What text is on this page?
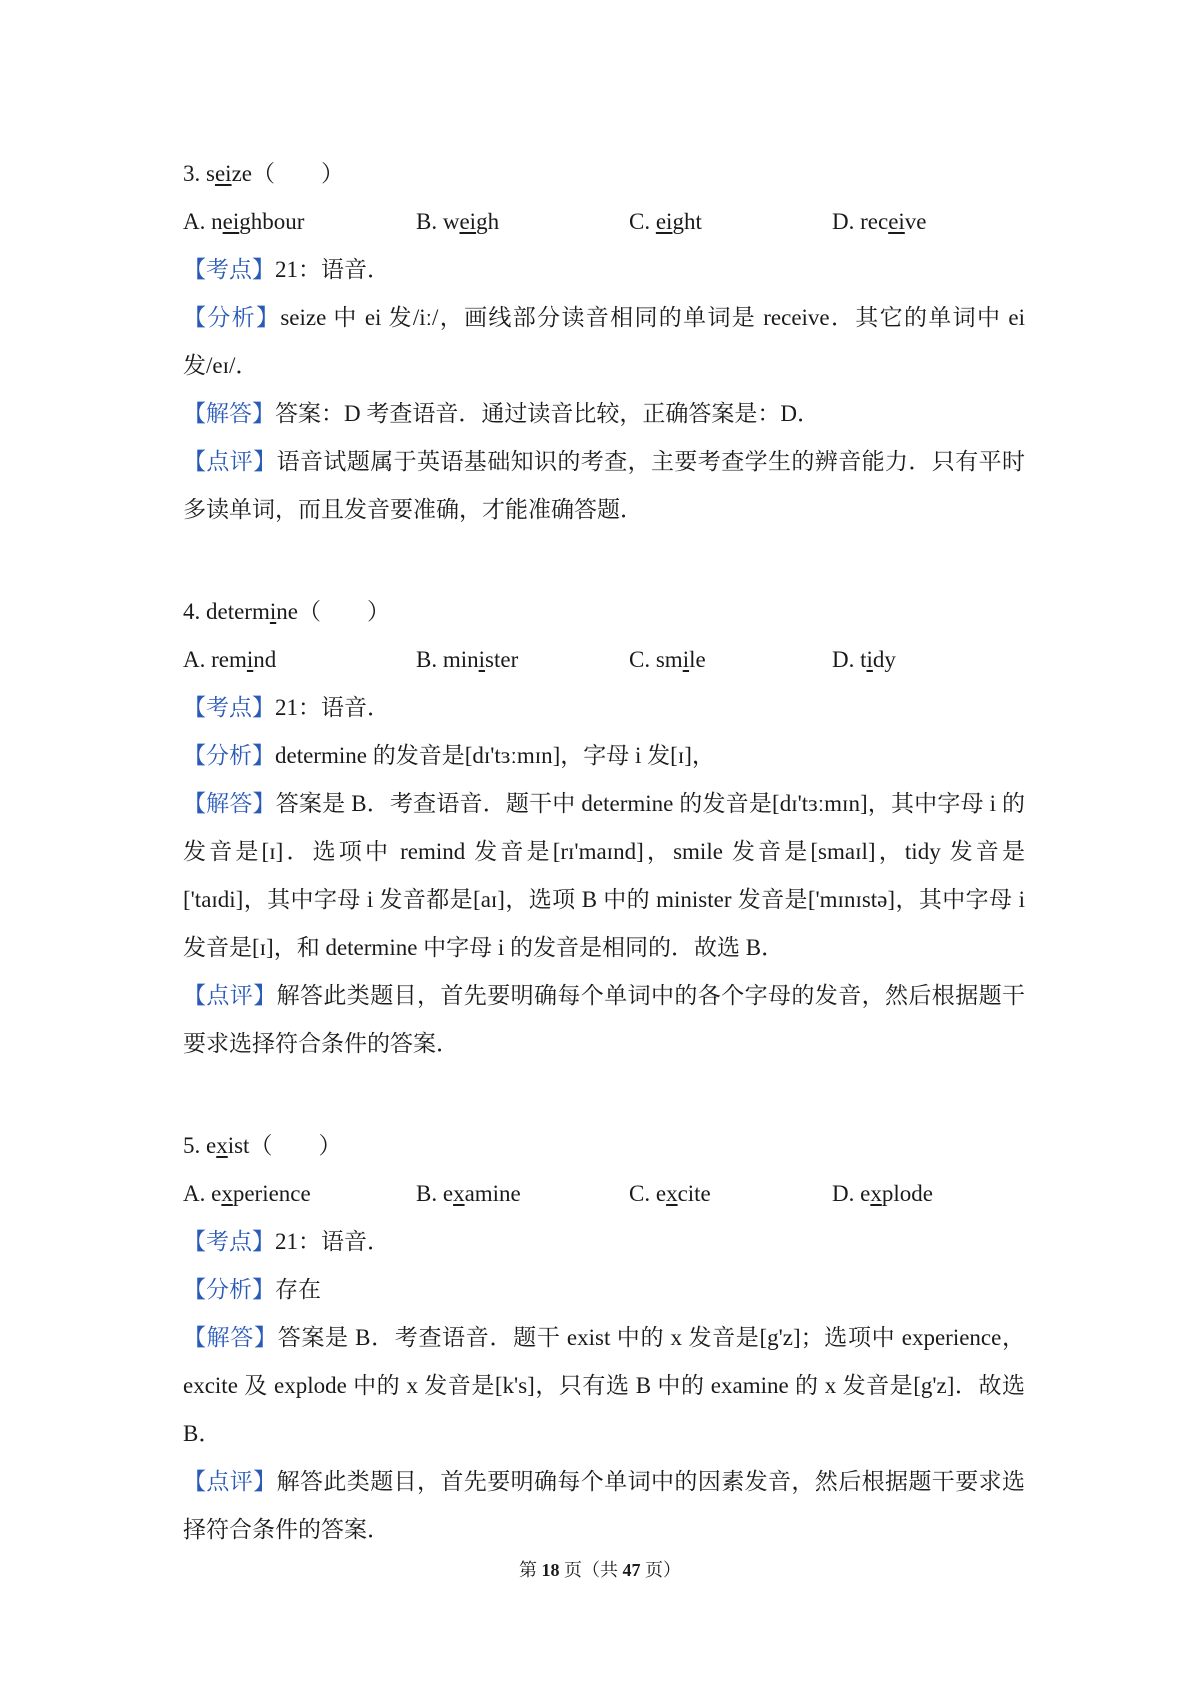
3. seize（　　）
A. neighbour	B. weigh	C. eight	D. receive

【考点】21：语音．

【分析】seize 中 ei 发/iː/，画线部分读音相同的单词是 receive．其它的单词中 ei 发/eɪ/．

【解答】答案：D 考查语音．通过读音比较，正确答案是：D．

【点评】语音试题属于英语基础知识的考查，主要考查学生的辨音能力．只有平时多读单词，而且发音要准确，才能准确答题．

4. determine（　　）
A. remind	B. minister	C. smile	D. tidy

【考点】21：语音．

【分析】determine 的发音是[dɪ'tɜːmɪn]，字母 i 发[ɪ]，

【解答】答案是 B．考查语音．题干中 determine 的发音是[dɪ'tɜːmɪn]，其中字母 i 的发音是[ɪ]．选项中 remind 发音是[rɪ'maɪnd]，smile 发音是[smaɪl]，tidy 发音是['taɪdi]，其中字母 i 发音都是[aɪ]，选项 B 中的 minister 发音是['mɪnɪstə]，其中字母 i 发音是[ɪ]，和 determine 中字母 i 的发音是相同的．故选 B．

【点评】解答此类题目，首先要明确每个单词中的各个字母的发音，然后根据题干要求选择符合条件的答案．

5. exist（　　）
A. experience	B. examine	C. excite	D. explode

【考点】21：语音．

【分析】存在

【解答】答案是 B．考查语音．题干 exist 中的 x 发音是[g'z]；选项中 experience，excite 及 explode 中的 x 发音是[k's]，只有选 B 中的 examine 的 x 发音是[g'z]．故选 B．

【点评】解答此类题目，首先要明确每个单词中的因素发音，然后根据题干要求选择符合条件的答案．

第 18 页（共 47 页）
